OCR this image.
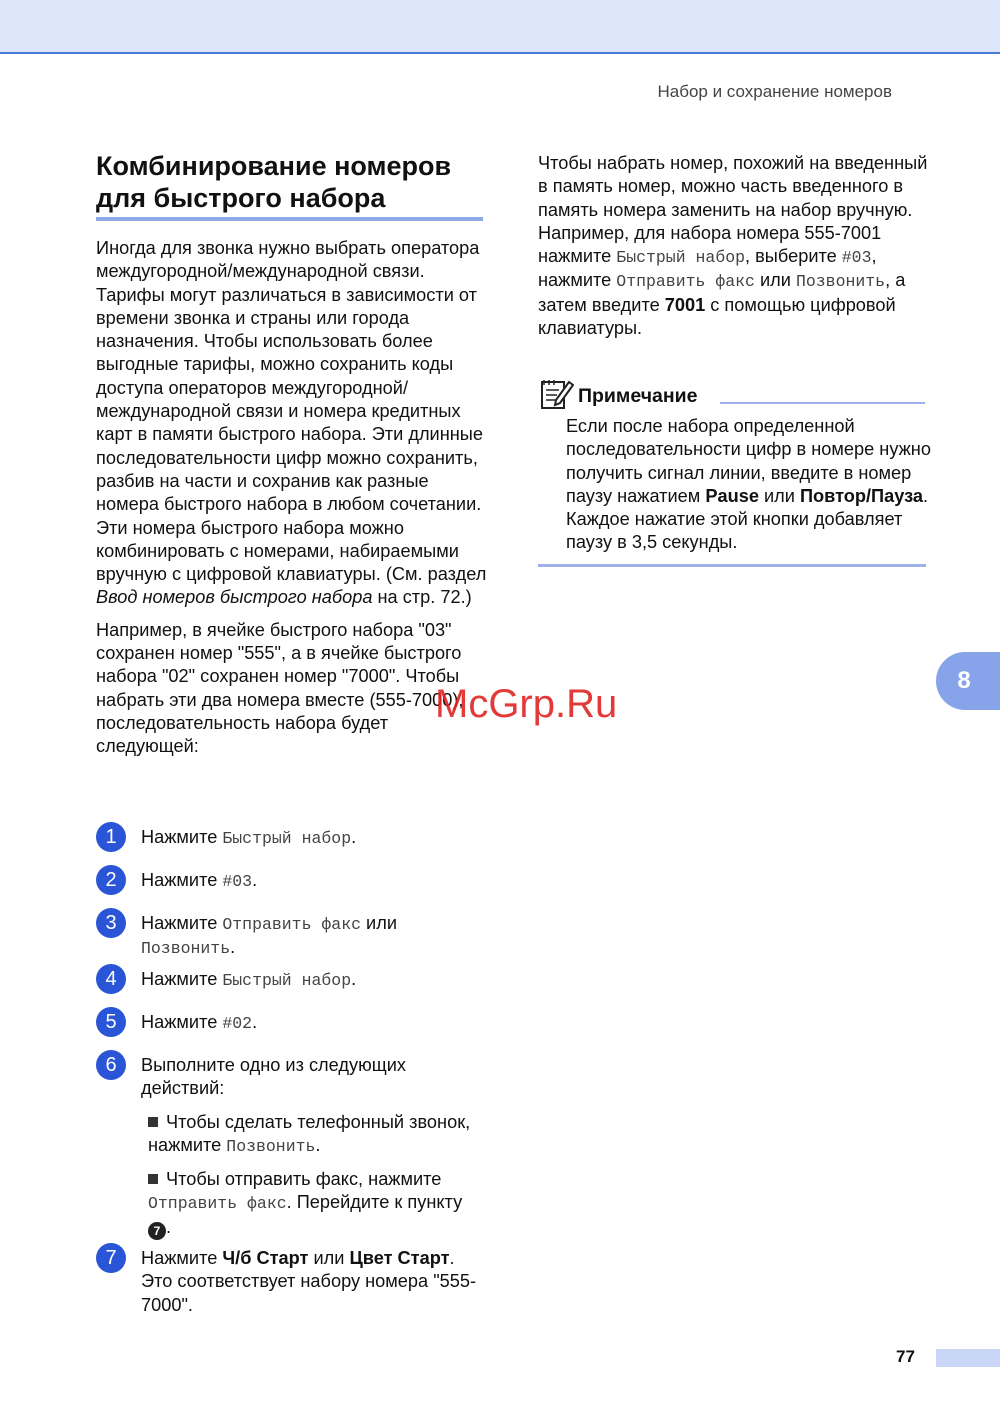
Набор и сохранение номеров
Комбинирование номеров для быстрого набора

Иногда для звонка нужно выбрать оператора междугородной/международной связи. Тарифы могут различаться в зависимости от времени звонка и страны или города назначения. Чтобы использовать более выгодные тарифы, можно сохранить коды доступа операторов междугородной/международной связи и номера кредитных карт в памяти быстрого набора. Эти длинные последовательности цифр можно сохранить, разбив на части и сохранив как разные номера быстрого набора в любом сочетании. Эти номера быстрого набора можно комбинировать с номерами, набираемыми вручную с цифровой клавиатуры. (См. раздел Ввод номеров быстрого набора на стр. 72.)

Например, в ячейке быстрого набора "03" сохранен номер "555", а в ячейке быстрого набора "02" сохранен номер "7000". Чтобы набрать эти два номера вместе (555-7000), последовательность набора будет следующей:

1	Нажмите Быстрый набор.
2	Нажмите #03.
3	Нажмите Отправить факс или
Позвонить.
4	Нажмите Быстрый набор.
5	Нажмите #02.
6	Выполните одно из следующих действий:
Чтобы сделать телефонный звонок, нажмите Позвонить.
Чтобы отправить факс, нажмите Отправить факс. Перейдите к пункту 7 .
7	Нажмите Ч/б Старт или Цвет Старт. Это соответствует набору номера "555-7000".

Чтобы набрать номер, похожий на введенный в память номер, можно часть введенного в память номера заменить на набор вручную. Например, для набора номера 555-7001 нажмите Быстрый набор, выберите #03, нажмите Отправить факс или Позвонить, а затем введите 7001 с помощью цифровой клавиатуры.

Примечание

Если после набора определенной последовательности цифр в номере нужно получить сигнал линии, введите в номер паузу нажатием Pause или Повтор/Пауза. Каждое нажатие этой кнопки добавляет паузу в 3,5 секунды.

8
McGrp.Ru
77
